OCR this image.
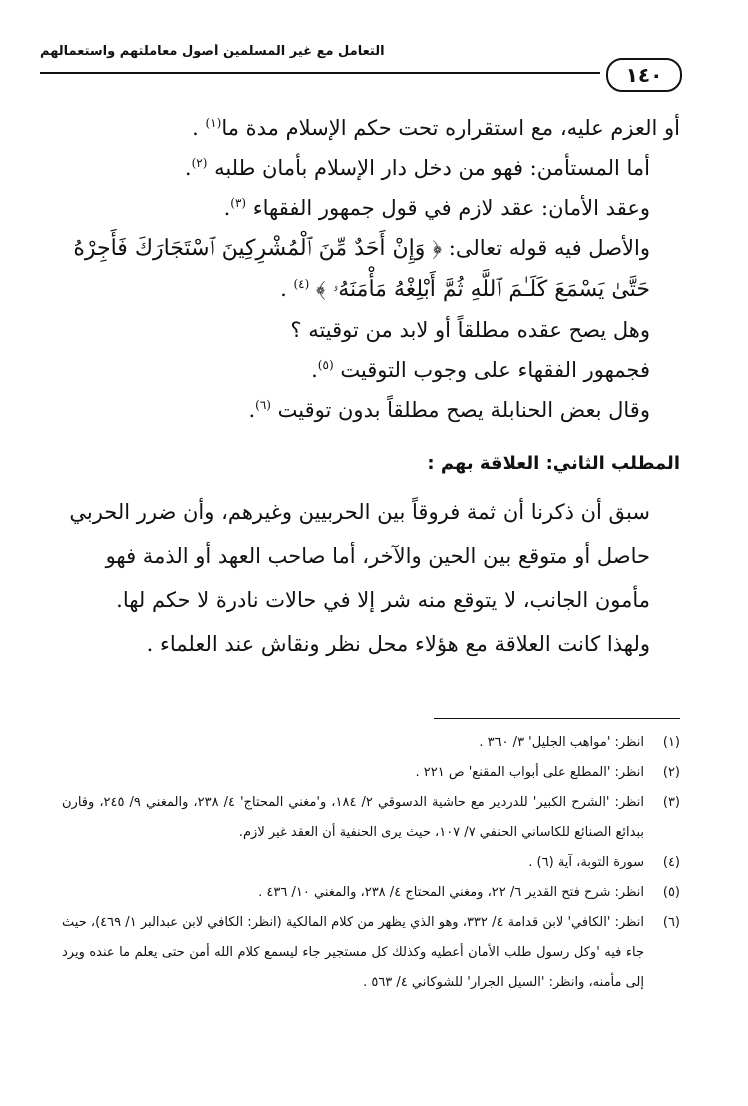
التعامل مع غير المسلمين أصول معاملتهم واستعمالهم
١٤٠

أو العزم عليه، مع استقراره تحت حكم الإسلام مدة ما$^{(١)}$ .

أما المستأمن: فهو من دخل دار الإسلام بأمان طلبه $^{(٢)}$.

وعقد الأمان: عقد لازم في قول جمهور الفقهاء $^{(٣)}$.

والأصل فيه قوله تعالى: ﴿ وَإِنْ أَحَدٌ مِّنَ ٱلْمُشْرِكِينَ ٱسْتَجَارَكَ فَأَجِرْهُ حَتَّىٰ يَسْمَعَ كَلَـٰمَ ٱللَّهِ ثُمَّ أَبْلِغْهُ مَأْمَنَهُۥ ﴾ $^{(٤)}$ .

وهل يصح عقده مطلقاً أو لابد من توقيته ؟

فجمهور الفقهاء على وجوب التوقيت $^{(٥)}$.

وقال بعض الحنابلة يصح مطلقاً بدون توقيت $^{(٦)}$.

المطلب الثاني: العلاقة بهم :

سبق أن ذكرنا أن ثمة فروقاً بين الحربيين وغيرهم، وأن ضرر الحربي حاصل أو متوقع بين الحين والآخر، أما صاحب العهد أو الذمة فهو مأمون الجانب، لا يتوقع منه شر إلا في حالات نادرة لا حكم لها.

ولهذا كانت العلاقة مع هؤلاء محل نظر ونقاش عند العلماء .

(١)
انظر: 'مواهب الجليل' ٣/ ٣٦٠ .
(٢)
انظر: 'المطلع على أبواب المقنع' ص ٢٢١ .
(٣)
انظر: 'الشرح الكبير' للدردير مع حاشية الدسوقي ٢/ ١٨٤، و'مغني المحتاج' ٤/ ٢٣٨، والمغني ٩/ ٢٤٥، وقارن ببدائع الصنائع للكاساني الحنفي ٧/ ١٠٧، حيث يرى الحنفية أن العقد غير لازم.
(٤)
سورة التوبة، آية (٦) .
(٥)
انظر: شرح فتح القدير ٦/ ٢٢، ومغني المحتاج ٤/ ٢٣٨، والمغني ١٠/ ٤٣٦ .
(٦)
انظر: 'الكافي' لابن قدامة ٤/ ٣٣٢، وهو الذي يظهر من كلام المالكية (انظر: الكافي لابن عبدالبر ١/ ٤٦٩)، حيث جاء فيه 'وكل رسول طلب الأمان أعطيه وكذلك كل مستجير جاء ليسمع كلام الله أمن حتى يعلم ما عنده ويرد إلى مأمنه، وانظر: 'السيل الجرار' للشوكاني ٤/ ٥٦٣ .
